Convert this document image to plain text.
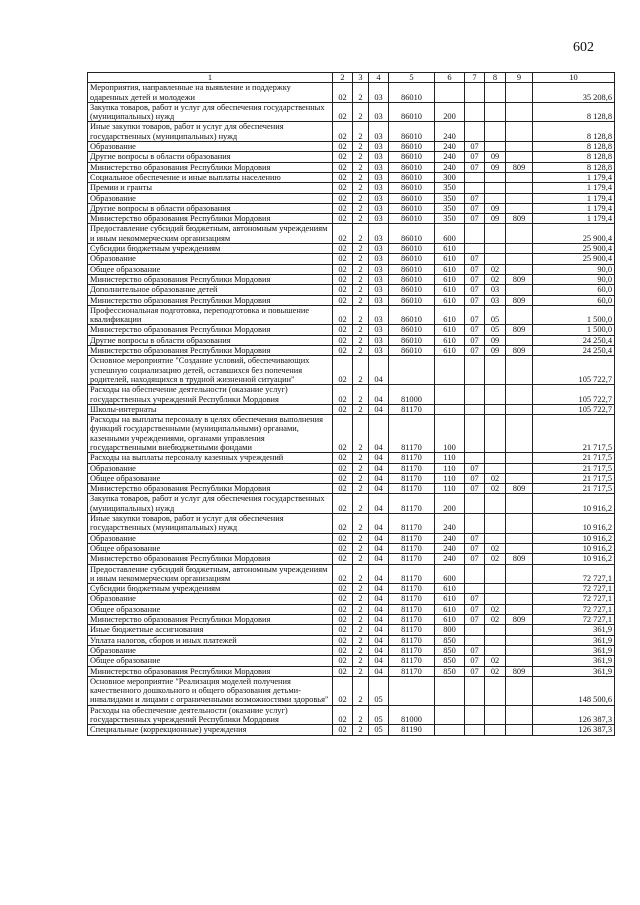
602
1	2	3	4	5	6	7	8	9	10
Мероприятия, направленные на выявление и поддержку одаренных детей и молодежи	02	2	03	86010					35 208,6
Закупка товаров, работ и услуг для обеспечения государственных (муниципальных) нужд	02	2	03	86010	200				8 128,8
Иные закупки товаров, работ и услуг для обеспечения государственных (муниципальных) нужд	02	2	03	86010	240				8 128,8
Образование	02	2	03	86010	240	07			8 128,8
Другие вопросы в области образования	02	2	03	86010	240	07	09		8 128,8
Министерство образования Республики Мордовия	02	2	03	86010	240	07	09	809	8 128,8
Социальное обеспечение и иные выплаты населению	02	2	03	86010	300				1 179,4
Премии и гранты	02	2	03	86010	350				1 179,4
Образование	02	2	03	86010	350	07			1 179,4
Другие вопросы в области образования	02	2	03	86010	350	07	09		1 179,4
Министерство образования Республики Мордовия	02	2	03	86010	350	07	09	809	1 179,4
Предоставление субсидий бюджетным, автономным учреждениям и иным некоммерческим организациям	02	2	03	86010	600				25 900,4
Субсидии бюджетным учреждениям	02	2	03	86010	610				25 900,4
Образование	02	2	03	86010	610	07			25 900,4
Общее образование	02	2	03	86010	610	07	02		90,0
Министерство образования Республики Мордовия	02	2	03	86010	610	07	02	809	90,0
Дополнительное образование детей	02	2	03	86010	610	07	03		60,0
Министерство образования Республики Мордовия	02	2	03	86010	610	07	03	809	60,0
Профессиональная подготовка, переподготовка и повышение квалификации	02	2	03	86010	610	07	05		1 500,0
Министерство образования Республики Мордовия	02	2	03	86010	610	07	05	809	1 500,0
Другие вопросы в области образования	02	2	03	86010	610	07	09		24 250,4
Министерство образования Республики Мордовия	02	2	03	86010	610	07	09	809	24 250,4
Основное мероприятие "Создание условий, обеспечивающих успешную социализацию детей, оставшихся без попечения родителей, находящихся в трудной жизненной ситуации"	02	2	04						105 722,7
Расходы на обеспечение деятельности (оказание услуг) государственных учреждений Республики Мордовия	02	2	04	81000					105 722,7
Школы-интернаты	02	2	04	81170					105 722,7
Расходы на выплаты персоналу в целях обеспечения выполнения функций государственными (муниципальными) органами, казенными учреждениями, органами управления государственными внебюджетными фондами	02	2	04	81170	100				21 717,5
Расходы на выплаты персоналу казенных учреждений	02	2	04	81170	110				21 717,5
Образование	02	2	04	81170	110	07			21 717,5
Общее образование	02	2	04	81170	110	07	02		21 717,5
Министерство образования Республики Мордовия	02	2	04	81170	110	07	02	809	21 717,5
Закупка товаров, работ и услуг для обеспечения государственных (муниципальных) нужд	02	2	04	81170	200				10 916,2
Иные закупки товаров, работ и услуг для обеспечения государственных (муниципальных) нужд	02	2	04	81170	240				10 916,2
Образование	02	2	04	81170	240	07			10 916,2
Общее образование	02	2	04	81170	240	07	02		10 916,2
Министерство образования Республики Мордовия	02	2	04	81170	240	07	02	809	10 916,2
Предоставление субсидий бюджетным, автономным учреждениям и иным некоммерческим организациям	02	2	04	81170	600				72 727,1
Субсидии бюджетным учреждениям	02	2	04	81170	610				72 727,1
Образование	02	2	04	81170	610	07			72 727,1
Общее образование	02	2	04	81170	610	07	02		72 727,1
Министерство образования Республики Мордовия	02	2	04	81170	610	07	02	809	72 727,1
Иные бюджетные ассигнования	02	2	04	81170	800				361,9
Уплата налогов, сборов и иных платежей	02	2	04	81170	850				361,9
Образование	02	2	04	81170	850	07			361,9
Общее образование	02	2	04	81170	850	07	02		361,9
Министерство образования Республики Мордовия	02	2	04	81170	850	07	02	809	361,9
Основное мероприятие "Реализация моделей получения качественного дошкольного и общего образования детьми-инвалидами и лицами с ограниченными возможностями здоровья"	02	2	05						148 500,6
Расходы на обеспечение деятельности (оказание услуг) государственных учреждений Республики Мордовия	02	2	05	81000					126 387,3
Специальные (коррекционные) учреждения	02	2	05	81190					126 387,3
